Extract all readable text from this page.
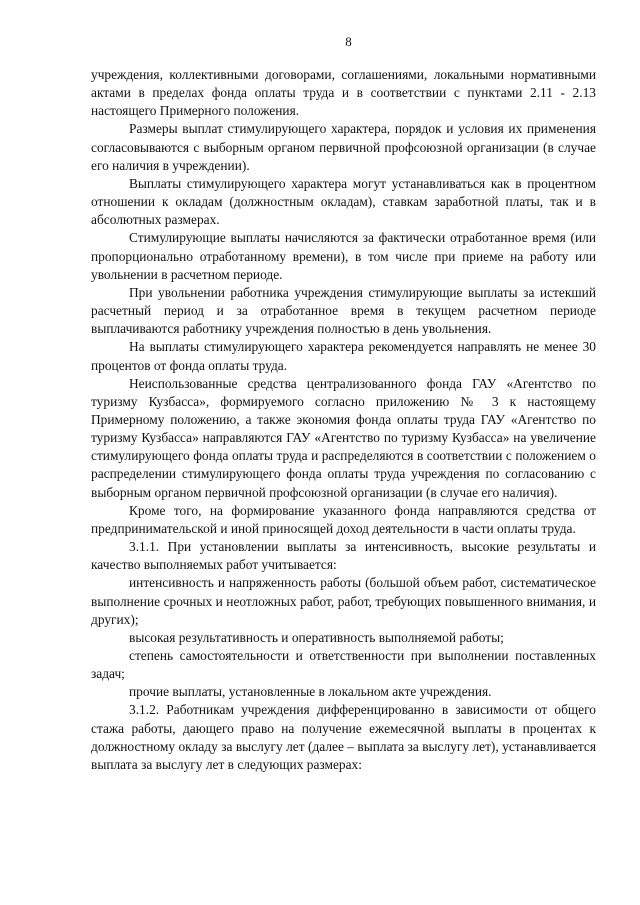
8

учреждения, коллективными договорами, соглашениями, локальными нормативными актами в пределах фонда оплаты труда и в соответствии с пунктами 2.11 - 2.13 настоящего Примерного положения.

Размеры выплат стимулирующего характера, порядок и условия их применения согласовываются с выборным органом первичной профсоюзной организации (в случае его наличия в учреждении).

Выплаты стимулирующего характера могут устанавливаться как в процентном отношении к окладам (должностным окладам), ставкам заработной платы, так и в абсолютных размерах.

Стимулирующие выплаты начисляются за фактически отработанное время (или пропорционально отработанному времени), в том числе при приеме на работу или увольнении в расчетном периоде.

При увольнении работника учреждения стимулирующие выплаты за истекший расчетный период и за отработанное время в текущем расчетном периоде выплачиваются работнику учреждения полностью в день увольнения.

На выплаты стимулирующего характера рекомендуется направлять не менее 30 процентов от фонда оплаты труда.

Неиспользованные средства централизованного фонда ГАУ «Агентство по туризму Кузбасса», формируемого согласно приложению № 3 к настоящему Примерному положению, а также экономия фонда оплаты труда ГАУ «Агентство по туризму Кузбасса» направляются ГАУ «Агентство по туризму Кузбасса» на увеличение стимулирующего фонда оплаты труда и распределяются в соответствии с положением о распределении стимулирующего фонда оплаты труда учреждения по согласованию с выборным органом первичной профсоюзной организации (в случае его наличия).

Кроме того, на формирование указанного фонда направляются средства от предпринимательской и иной приносящей доход деятельности в части оплаты труда.

3.1.1. При установлении выплаты за интенсивность, высокие результаты и качество выполняемых работ учитывается:

интенсивность и напряженность работы (большой объем работ, систематическое выполнение срочных и неотложных работ, работ, требующих повышенного внимания, и других);

высокая результативность и оперативность выполняемой работы;

степень самостоятельности и ответственности при выполнении поставленных задач;

прочие выплаты, установленные в локальном акте учреждения.

3.1.2. Работникам учреждения дифференцированно в зависимости от общего стажа работы, дающего право на получение ежемесячной выплаты в процентах к должностному окладу за выслугу лет (далее – выплата за выслугу лет), устанавливается выплата за выслугу лет в следующих размерах:
